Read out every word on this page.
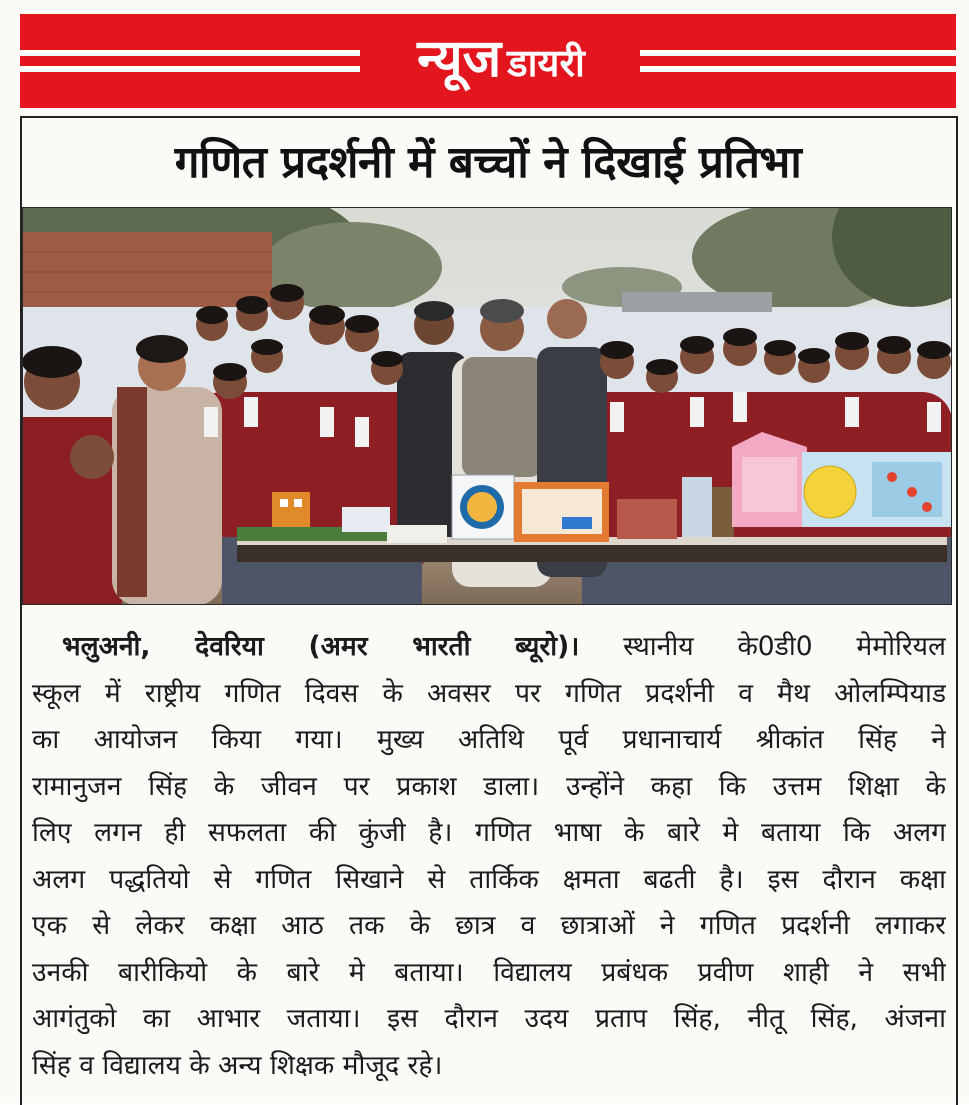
न्यूज डायरी
गणित प्रदर्शनी में बच्चों ने दिखाई प्रतिभा
भलुअनी, देवरिया (अमर भारती ब्यूरो)। स्थानीय के0डी0 मेमोरियल
स्कूल में राष्ट्रीय गणित दिवस के अवसर पर गणित प्रदर्शनी व मैथ ओलम्पियाड
का आयोजन किया गया। मुख्य अतिथि पूर्व प्रधानाचार्य श्रीकांत सिंह ने
रामानुजन सिंह के जीवन पर प्रकाश डाला। उन्होंने कहा कि उत्तम शिक्षा के
लिए लगन ही सफलता की कुंजी है। गणित भाषा के बारे मे बताया कि अलग
अलग पद्धतियो से गणित सिखाने से तार्किक क्षमता बढती है। इस दौरान कक्षा
एक से लेकर कक्षा आठ तक के छात्र व छात्राओं ने गणित प्रदर्शनी लगाकर
उनकी बारीकियो के बारे मे बताया। विद्यालय प्रबंधक प्रवीण शाही ने सभी
आगंतुको का आभार जताया। इस दौरान उदय प्रताप सिंह, नीतू सिंह, अंजना
सिंह व विद्यालय के अन्य शिक्षक मौजूद रहे।
